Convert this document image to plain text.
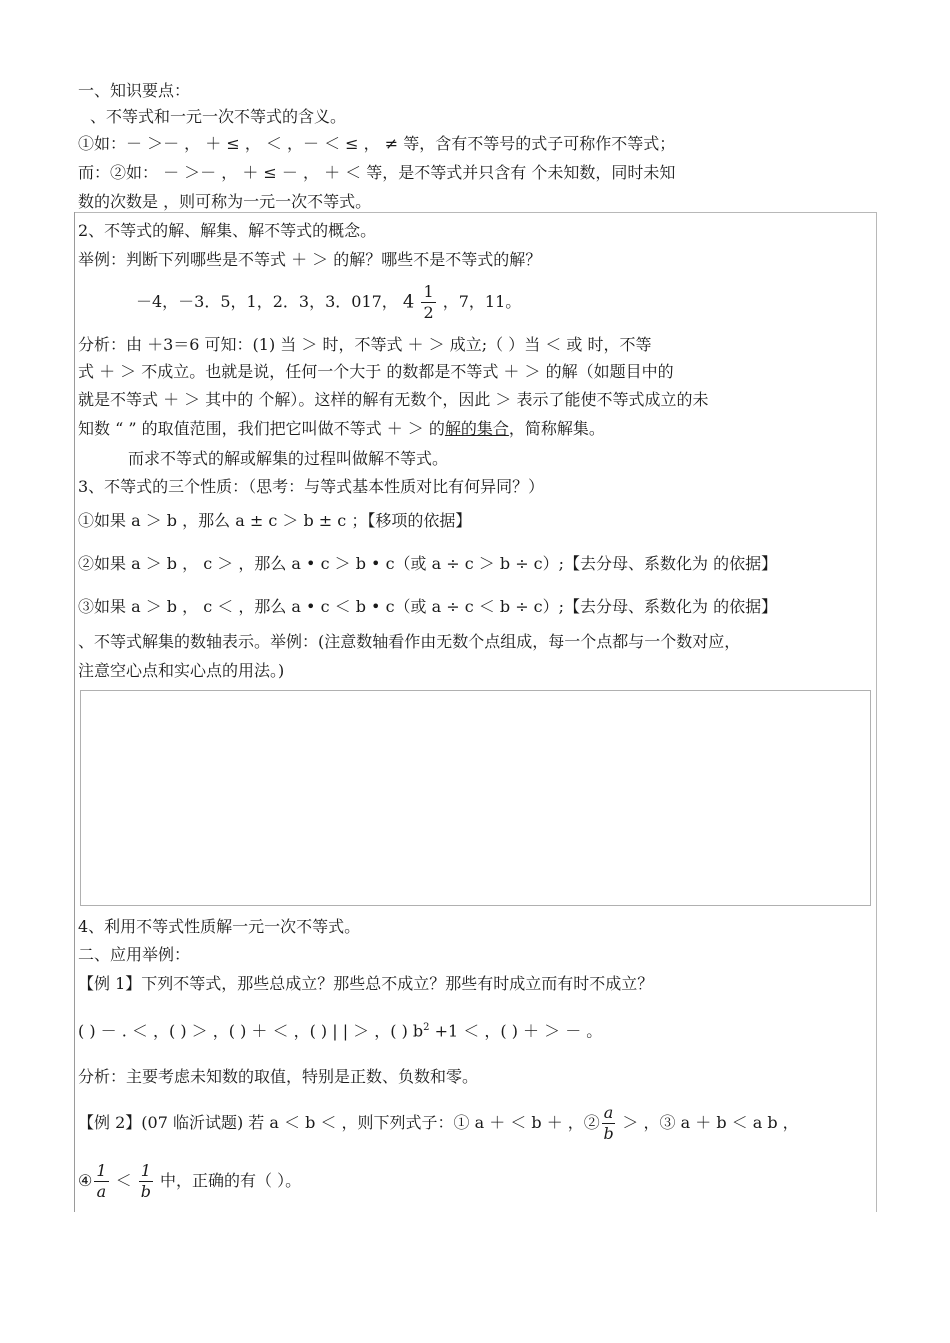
一、知识要点：
、不等式和一元一次不等式的含义。
①如：－ ＞－ ， ＋ ≤ ， ＜ ，－ ＜ ≤ ， ≠ 等，含有不等号的式子可称作不等式；
而：②如： － ＞－ ， ＋ ≤ － ， ＋ ＜ 等，是不等式并只含有 个未知数，同时未知
数的次数是 ，则可称为一元一次不等式。
2、不等式的解、解集、解不等式的概念。
举例：判断下列哪些是不等式 ＋ ＞ 的解？哪些不是不等式的解？
－4，－3．5，1，2．3，3．017， $4 \frac{1}{2}$ ，7，11。
分析：由 ＋3＝6 可知：(1) 当 ＞ 时，不等式 ＋ ＞ 成立;（ ）当 ＜ 或 时，不等
式 ＋ ＞ 不成立。也就是说，任何一个大于 的数都是不等式 ＋ ＞ 的解（如题目中的
就是不等式 ＋ ＞ 其中的 个解）。这样的解有无数个，因此 ＞ 表示了能使不等式成立的未
知数 “ ” 的取值范围，我们把它叫做不等式 ＋ ＞ 的解的集合，简称解集。
而求不等式的解或解集的过程叫做解不等式。
3、不等式的三个性质：（思考：与等式基本性质对比有何异同？）
①如果 a ＞ b ，那么 a ± c ＞ b ± c ；【移项的依据】
②如果 a ＞ b ， c ＞ ，那么 a • c ＞ b • c（或 a ÷ c ＞ b ÷ c）;【去分母、系数化为 的依据】
③如果 a ＞ b ， c ＜ ，那么 a • c ＜ b • c（或 a ÷ c ＜ b ÷ c）;【去分母、系数化为 的依据】
、不等式解集的数轴表示。举例：(注意数轴看作由无数个点组成，每一个点都与一个数对应，
注意空心点和实心点的用法。)
4、利用不等式性质解一元一次不等式。
二、应用举例：
【例 1】下列不等式，那些总成立？那些总不成立？那些有时成立而有时不成立？
( ) － . ＜ ，( ) ＞ ，( ) ＋ ＜ ，( ) | | ＞ ，( ) $b^2 +1$ ＜ ，( ) ＋ ＞ － 。
分析：主要考虑未知数的取值，特别是正数、负数和零。
【例 2】(07 临沂试题) 若 a ＜ b ＜ ，则下列式子：① a ＋ ＜ b ＋ ，② $\frac{a}{b}$ ＞ ，③ a ＋ b ＜ a b ，
④ $\frac{1}{a} < \frac{1}{b}$ 中，正确的有（ ）。
